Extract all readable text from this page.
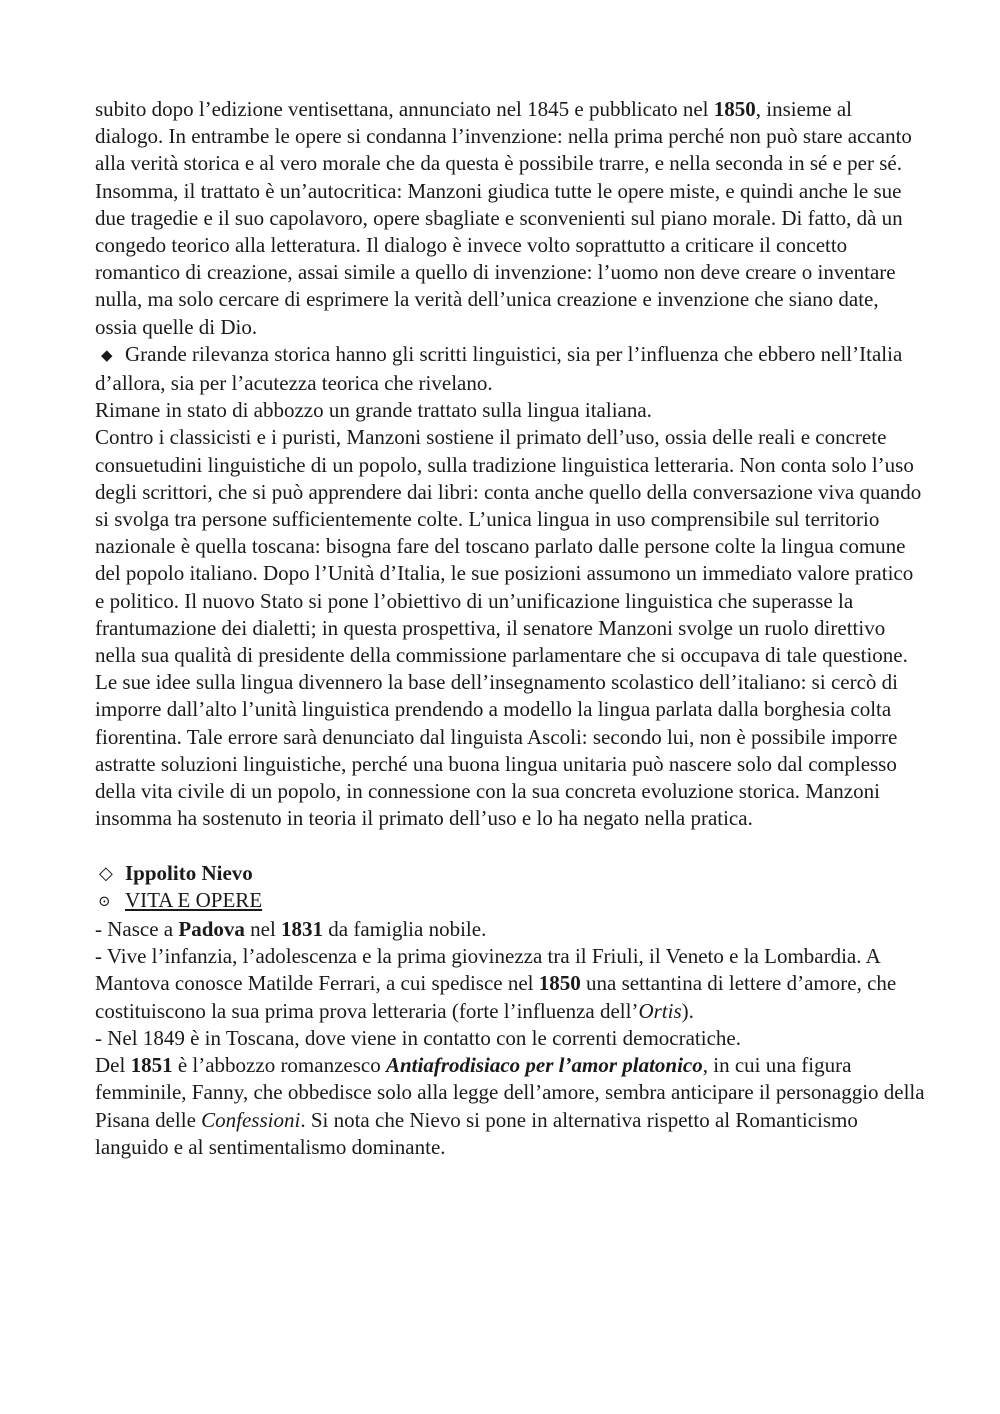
subito dopo l’edizione ventisettana, annunciato nel 1845 e pubblicato nel 1850, insieme al dialogo. In entrambe le opere si condanna l’invenzione: nella prima perché non può stare accanto alla verità storica e al vero morale che da questa è possibile trarre, e nella seconda in sé e per sé. Insomma, il trattato è un’autocritica: Manzoni giudica tutte le opere miste, e quindi anche le sue due tragedie e il suo capolavoro, opere sbagliate e sconvenienti sul piano morale. Di fatto, dà un congedo teorico alla letteratura. Il dialogo è invece volto soprattutto a criticare il concetto romantico di creazione, assai simile a quello di invenzione: l’uomo non deve creare o inventare nulla, ma solo cercare di esprimere la verità dell’unica creazione e invenzione che siano date, ossia quelle di Dio.

◆ Grande rilevanza storica hanno gli scritti linguistici, sia per l’influenza che ebbero nell’Italia d’allora, sia per l’acutezza teorica che rivelano.

Rimane in stato di abbozzo un grande trattato sulla lingua italiana.

Contro i classicisti e i puristi, Manzoni sostiene il primato dell’uso, ossia delle reali e concrete consuetudini linguistiche di un popolo, sulla tradizione linguistica letteraria. Non conta solo l’uso degli scrittori, che si può apprendere dai libri: conta anche quello della conversazione viva quando si svolga tra persone sufficientemente colte. L’unica lingua in uso comprensibile sul territorio nazionale è quella toscana: bisogna fare del toscano parlato dalle persone colte la lingua comune del popolo italiano. Dopo l’Unità d’Italia, le sue posizioni assumono un immediato valore pratico e politico. Il nuovo Stato si pone l’obiettivo di un’unificazione linguistica che superasse la frantumazione dei dialetti; in questa prospettiva, il senatore Manzoni svolge un ruolo direttivo nella sua qualità di presidente della commissione parlamentare che si occupava di tale questione. Le sue idee sulla lingua divennero la base dell’insegnamento scolastico dell’italiano: si cercò di imporre dall’alto l’unità linguistica prendendo a modello la lingua parlata dalla borghesia colta fiorentina. Tale errore sarà denunciato dal linguista Ascoli: secondo lui, non è possibile imporre astratte soluzioni linguistiche, perché una buona lingua unitaria può nascere solo dal complesso della vita civile di un popolo, in connessione con la sua concreta evoluzione storica. Manzoni insomma ha sostenuto in teoria il primato dell’uso e lo ha negato nella pratica.

◇ Ippolito Nievo

⊙ VITA E OPERE

- Nasce a Padova nel 1831 da famiglia nobile.

- Vive l’infanzia, l’adolescenza e la prima giovinezza tra il Friuli, il Veneto e la Lombardia. A Mantova conosce Matilde Ferrari, a cui spedisce nel 1850 una settantina di lettere d’amore, che costituiscono la sua prima prova letteraria (forte l’influenza dell’Ortis).

- Nel 1849 è in Toscana, dove viene in contatto con le correnti democratiche.

Del 1851 è l’abbozzo romanzesco Antiafrodisiaco per l’amor platonico, in cui una figura femminile, Fanny, che obbedisce solo alla legge dell’amore, sembra anticipare il personaggio della Pisana delle Confessioni. Si nota che Nievo si pone in alternativa rispetto al Romanticismo languido e al sentimentalismo dominante.
